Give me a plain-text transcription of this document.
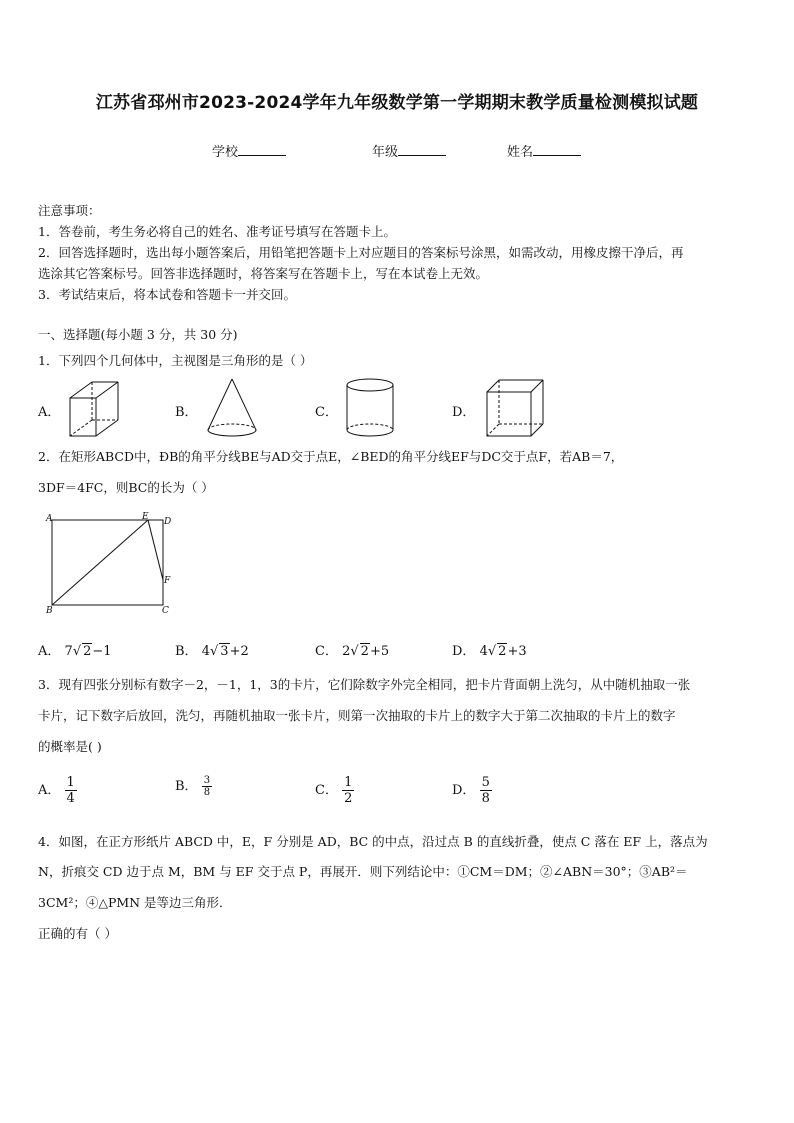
江苏省邳州市2023-2024学年九年级数学第一学期期末教学质量检测模拟试题
学校	年级	姓名
注意事项：
1．答卷前，考生务必将自己的姓名、准考证号填写在答题卡上。
2．回答选择题时，选出每小题答案后，用铅笔把答题卡上对应题目的答案标号涂黑，如需改动，用橡皮擦干净后，再
选涂其它答案标号。回答非选择题时，将答案写在答题卡上，写在本试卷上无效。
3．考试结束后，将本试卷和答题卡一并交回。
一、选择题(每小题 3 分，共 30 分)
1．下列四个几何体中，主视图是三角形的是（ ）
A．	B．	C．	D．
2．在矩形ABCD中，ÐB的角平分线BE与AD交于点E，∠BED的角平分线EF与DC交于点F，若AB＝7，
3DF＝4FC，则BC的长为（ ）
A	E D
F
B	C
A． 7√ 2−1	B． 4√ 3+2	C． 2√ 2+5	D． 4√ 2+3
3．现有四张分别标有数字－2，－1，1，3的卡片，它们除数字外完全相同，把卡片背面朝上洗匀，从中随机抽取一张
卡片，记下数字后放回，洗匀，再随机抽取一张卡片，则第一次抽取的卡片上的数字大于第二次抽取的卡片上的数字
的概率是( )
A． $\frac{1}{4}$	B． $\frac{3}{8}$	C． $\frac{1}{2}$	D． $\frac{5}{8}$
4．如图，在正方形纸片 ABCD 中，E，F 分别是 AD，BC 的中点，沿过点 B 的直线折叠，使点 C 落在 EF 上，落点为
N，折痕交 CD 边于点 M，BM 与 EF 交于点 P，再展开．则下列结论中：①CM＝DM；②∠ABN＝30°；③AB²＝
3CM²；④△PMN 是等边三角形．
正确的有（ ）
